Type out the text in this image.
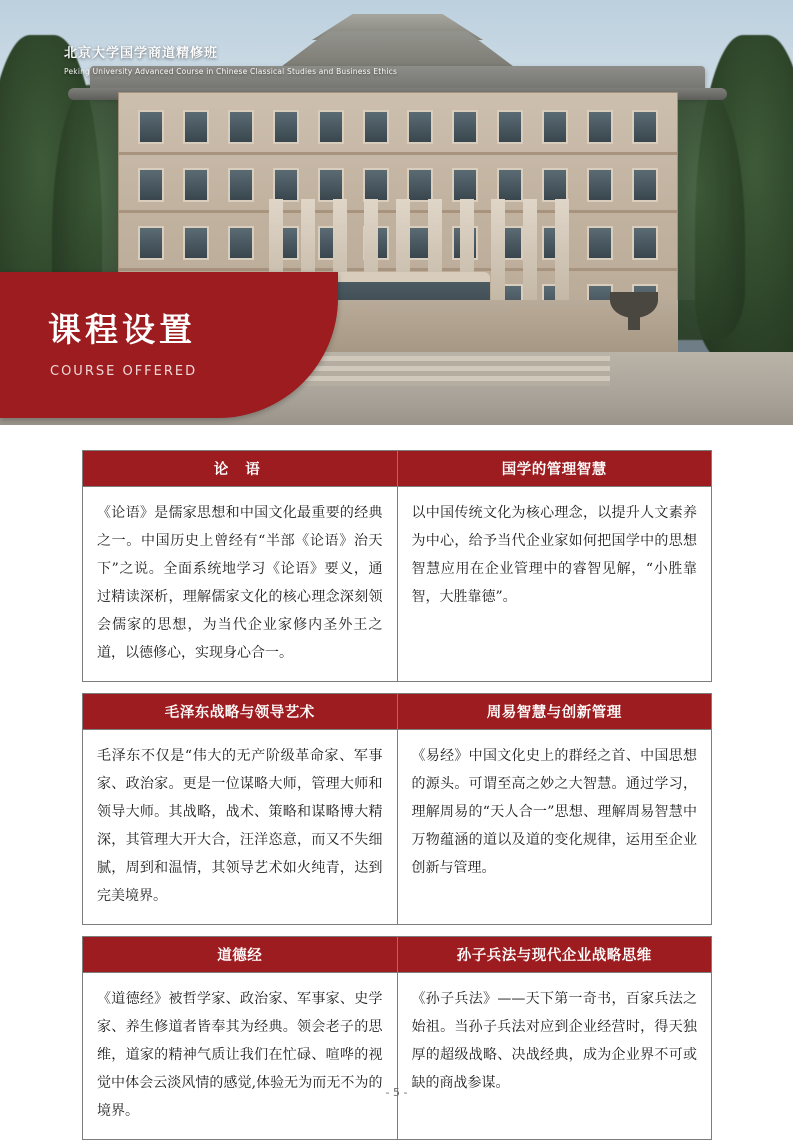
北京大学国学商道精修班
Peking University Advanced Course in Chinese Classical Studies and Business Ethics
课程设置
COURSE OFFERED
论 语	国学的管理智慧
《论语》是儒家思想和中国文化最重要的经典之一。中国历史上曾经有“半部《论语》治天下”之说。全面系统地学习《论语》要义，通过精读深析，理解儒家文化的核心理念深刻领会儒家的思想，为当代企业家修内圣外王之道，以德修心，实现身心合一。	以中国传统文化为核心理念，以提升人文素养为中心，给予当代企业家如何把国学中的思想智慧应用在企业管理中的睿智见解，“小胜靠智，大胜靠德”。

毛泽东战略与领导艺术	周易智慧与创新管理
毛泽东不仅是“伟大的无产阶级革命家、军事家、政治家。更是一位谋略大师，管理大师和领导大师。其战略，战术、策略和谋略博大精深，其管理大开大合，汪洋恣意，而又不失细腻，周到和温情，其领导艺术如火纯青，达到完美境界。	《易经》中国文化史上的群经之首、中国思想的源头。可谓至高之妙之大智慧。通过学习，理解周易的“天人合一”思想、理解周易智慧中万物蕴涵的道以及道的变化规律，运用至企业创新与管理。

道德经	孙子兵法与现代企业战略思维
《道德经》被哲学家、政治家、军事家、史学家、养生修道者皆奉其为经典。领会老子的思维，道家的精神气质让我们在忙碌、喧哗的视觉中体会云淡风情的感觉,体验无为而无不为的境界。	《孙子兵法》——天下第一奇书，百家兵法之始祖。当孙子兵法对应到企业经营时，得天独厚的超级战略、决战经典，成为企业界不可或缺的商战参谋。
- 5 -
